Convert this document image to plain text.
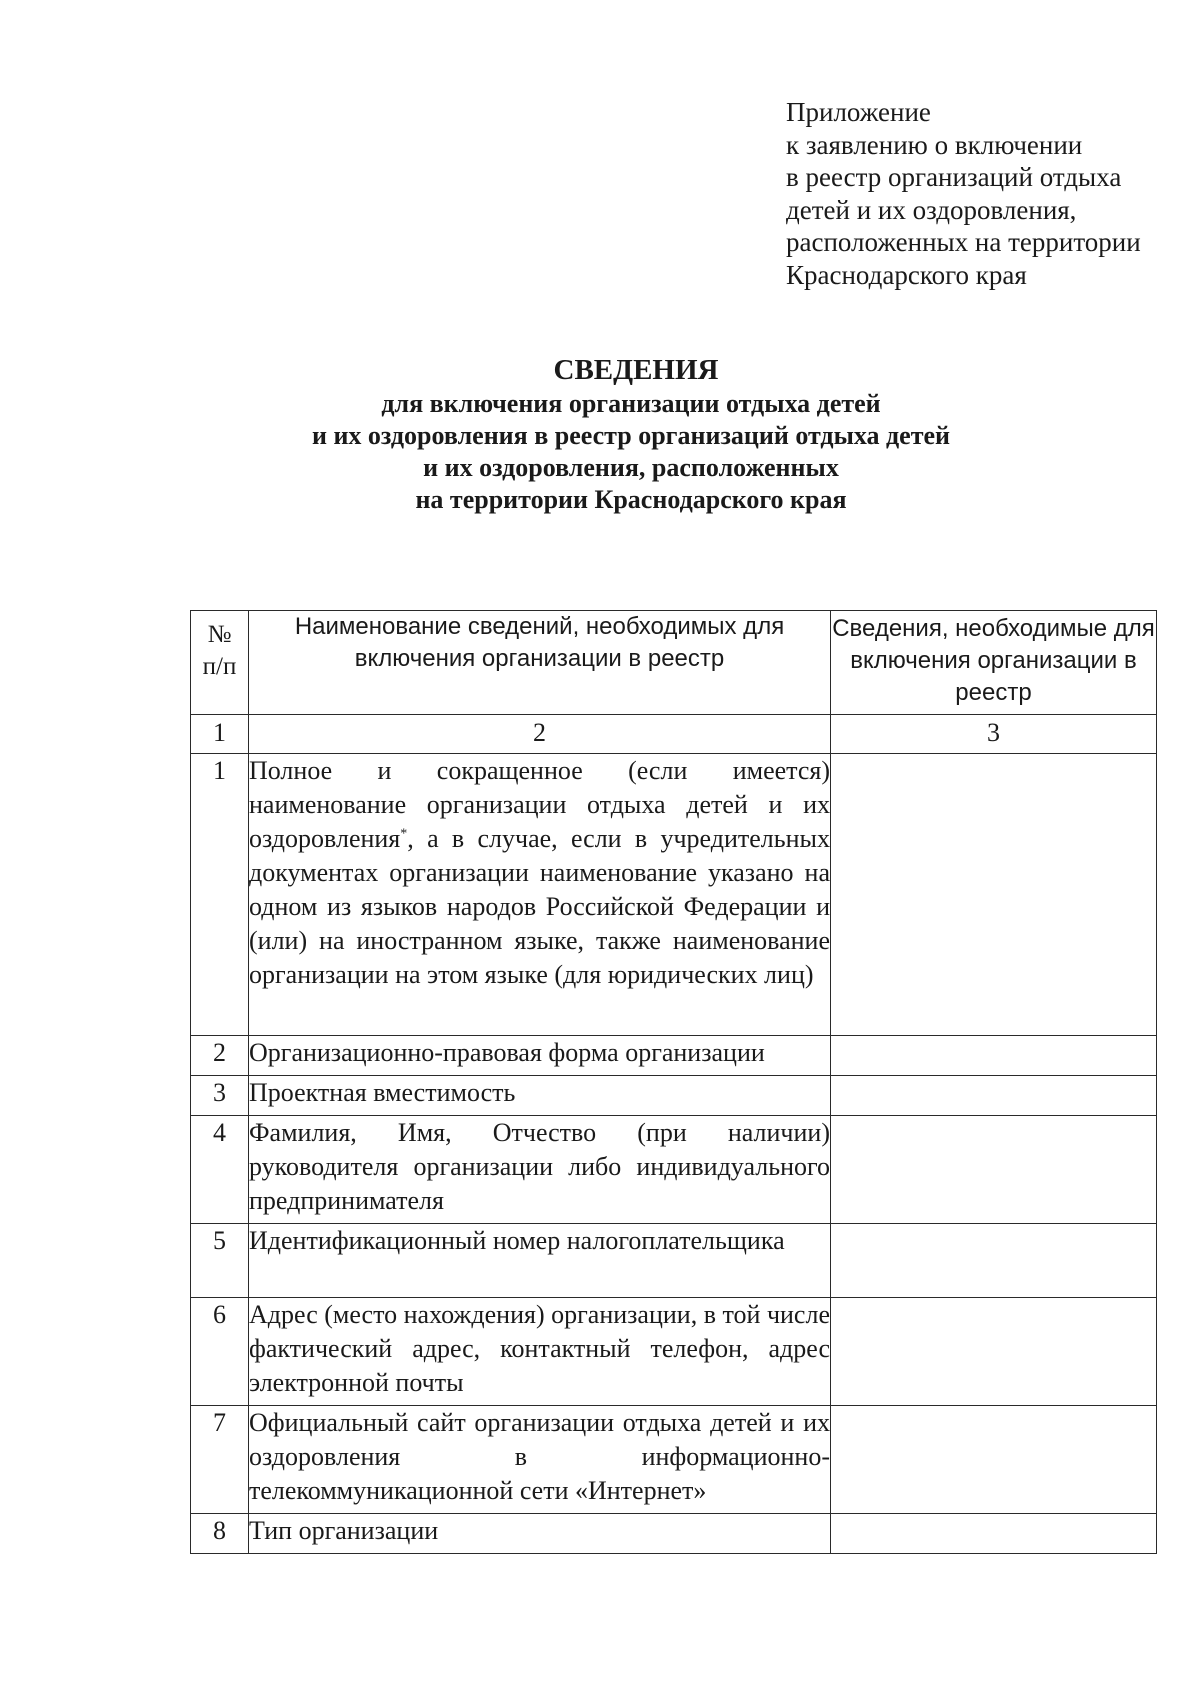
Приложение
к заявлению о включении
в реестр организаций отдыха
детей и их оздоровления,
расположенных на территории
Краснодарского края
СВЕДЕНИЯ
для включения организации отдыха детей
и их оздоровления в реестр организаций отдыха детей
и их оздоровления, расположенных
на территории Краснодарского края
№
п/п	Наименование сведений, необходимых для включения организации в реестр	Сведения, необходимые для включения организации в реестр
1	2	3
1	Полное и сокращенное (если имеется) наименование организации отдыха детей и их оздоровления*, а в случае, если в учредительных документах организации наименование указано на одном из языков народов Российской Федерации и (или) на иностранном языке, также наименование организации на этом языке (для юридических лиц)	
2	Организационно-правовая форма организации	
3	Проектная вместимость	
4	Фамилия, Имя, Отчество (при наличии) руководителя организации либо индивидуального предпринимателя	
5	Идентификационный номер налогоплательщика	
6	Адрес (место нахождения) организации, в той числе фактический адрес, контактный телефон, адрес электронной почты	
7	Официальный сайт организации отдыха детей и их оздоровления в информационно-телекоммуникационной сети «Интернет»	
8	Тип организации	
